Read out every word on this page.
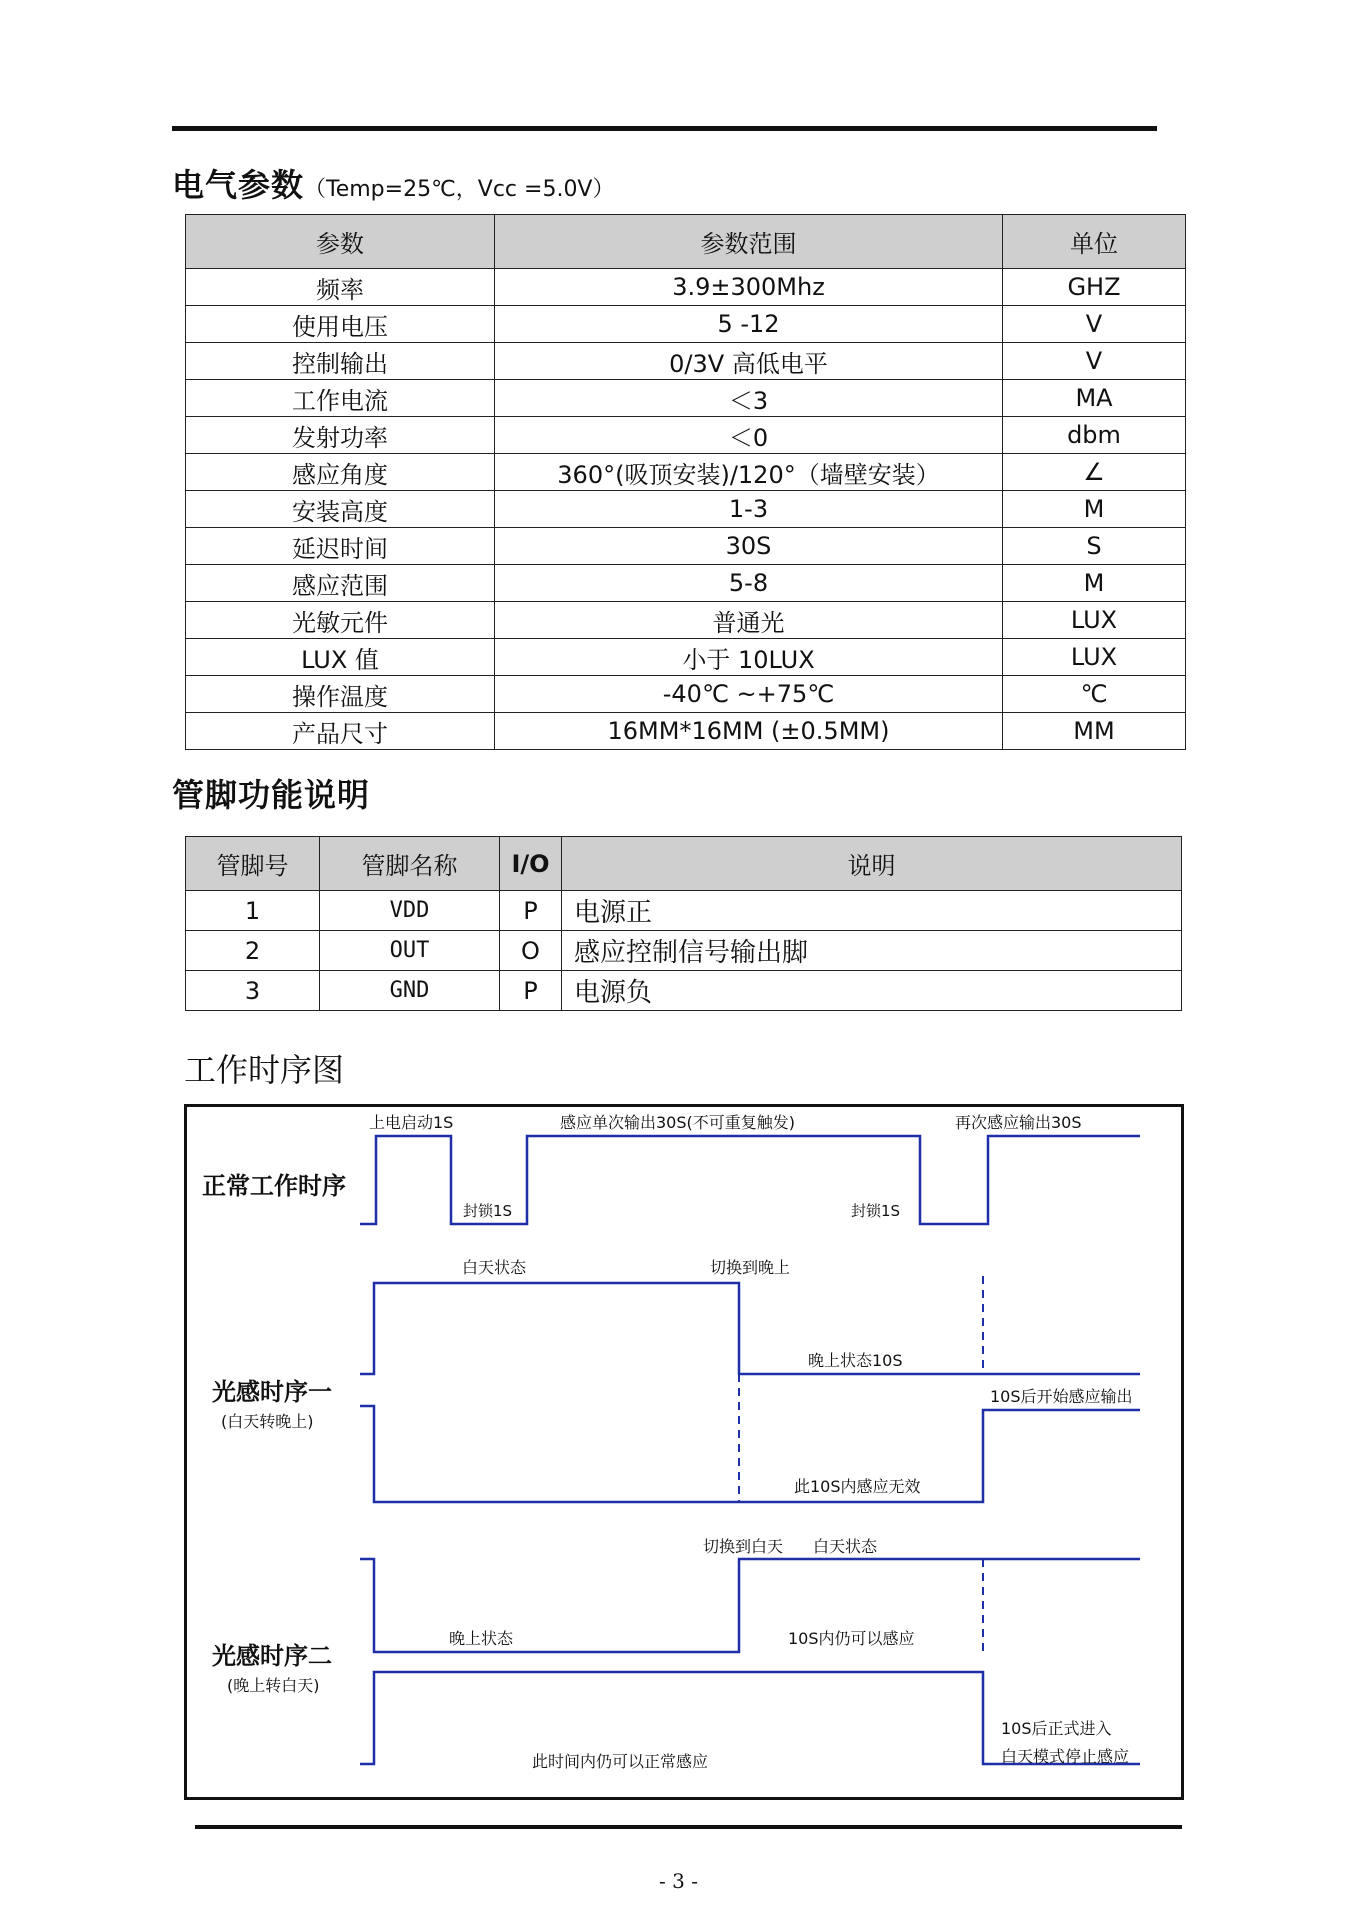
电气参数（Temp=25℃，Vcc =5.0V）
参数	参数范围	单位
频率	3.9±300Mhz	GHZ
使用电压	5 -12	V
控制输出	0/3V 高低电平	V
工作电流	＜3	MA
发射功率	＜0	dbm
感应角度	360°(吸顶安装)/120°（墙壁安装）	∠
安装高度	1-3	M
延迟时间	30S	S
感应范围	5-8	M
光敏元件	普通光	LUX
LUX 值	小于 10LUX	LUX
操作温度	-40℃ ~+75℃	℃
产品尺寸	16MM*16MM (±0.5MM)	MM
管脚功能说明
管脚号	管脚名称	I/O	说明
1	VDD	P	电源正
2	OUT	O	感应控制信号输出脚
3	GND	P	电源负
工作时序图
正常工作时序
上电启动1S	感应单次输出30S(不可重复触发)
封锁1S	封锁1S
再次感应输出30S
光感时序一
(白天转晚上)
白天状态	切换到晚上
晚上状态10S
10S后开始感应输出
此10S内感应无效
光感时序二
(晚上转白天)
切换到白天 白天状态
晚上状态	10S内仍可以感应
此时间内仍可以正常感应
10S后正式进入
白天模式停止感应
- 3 -
